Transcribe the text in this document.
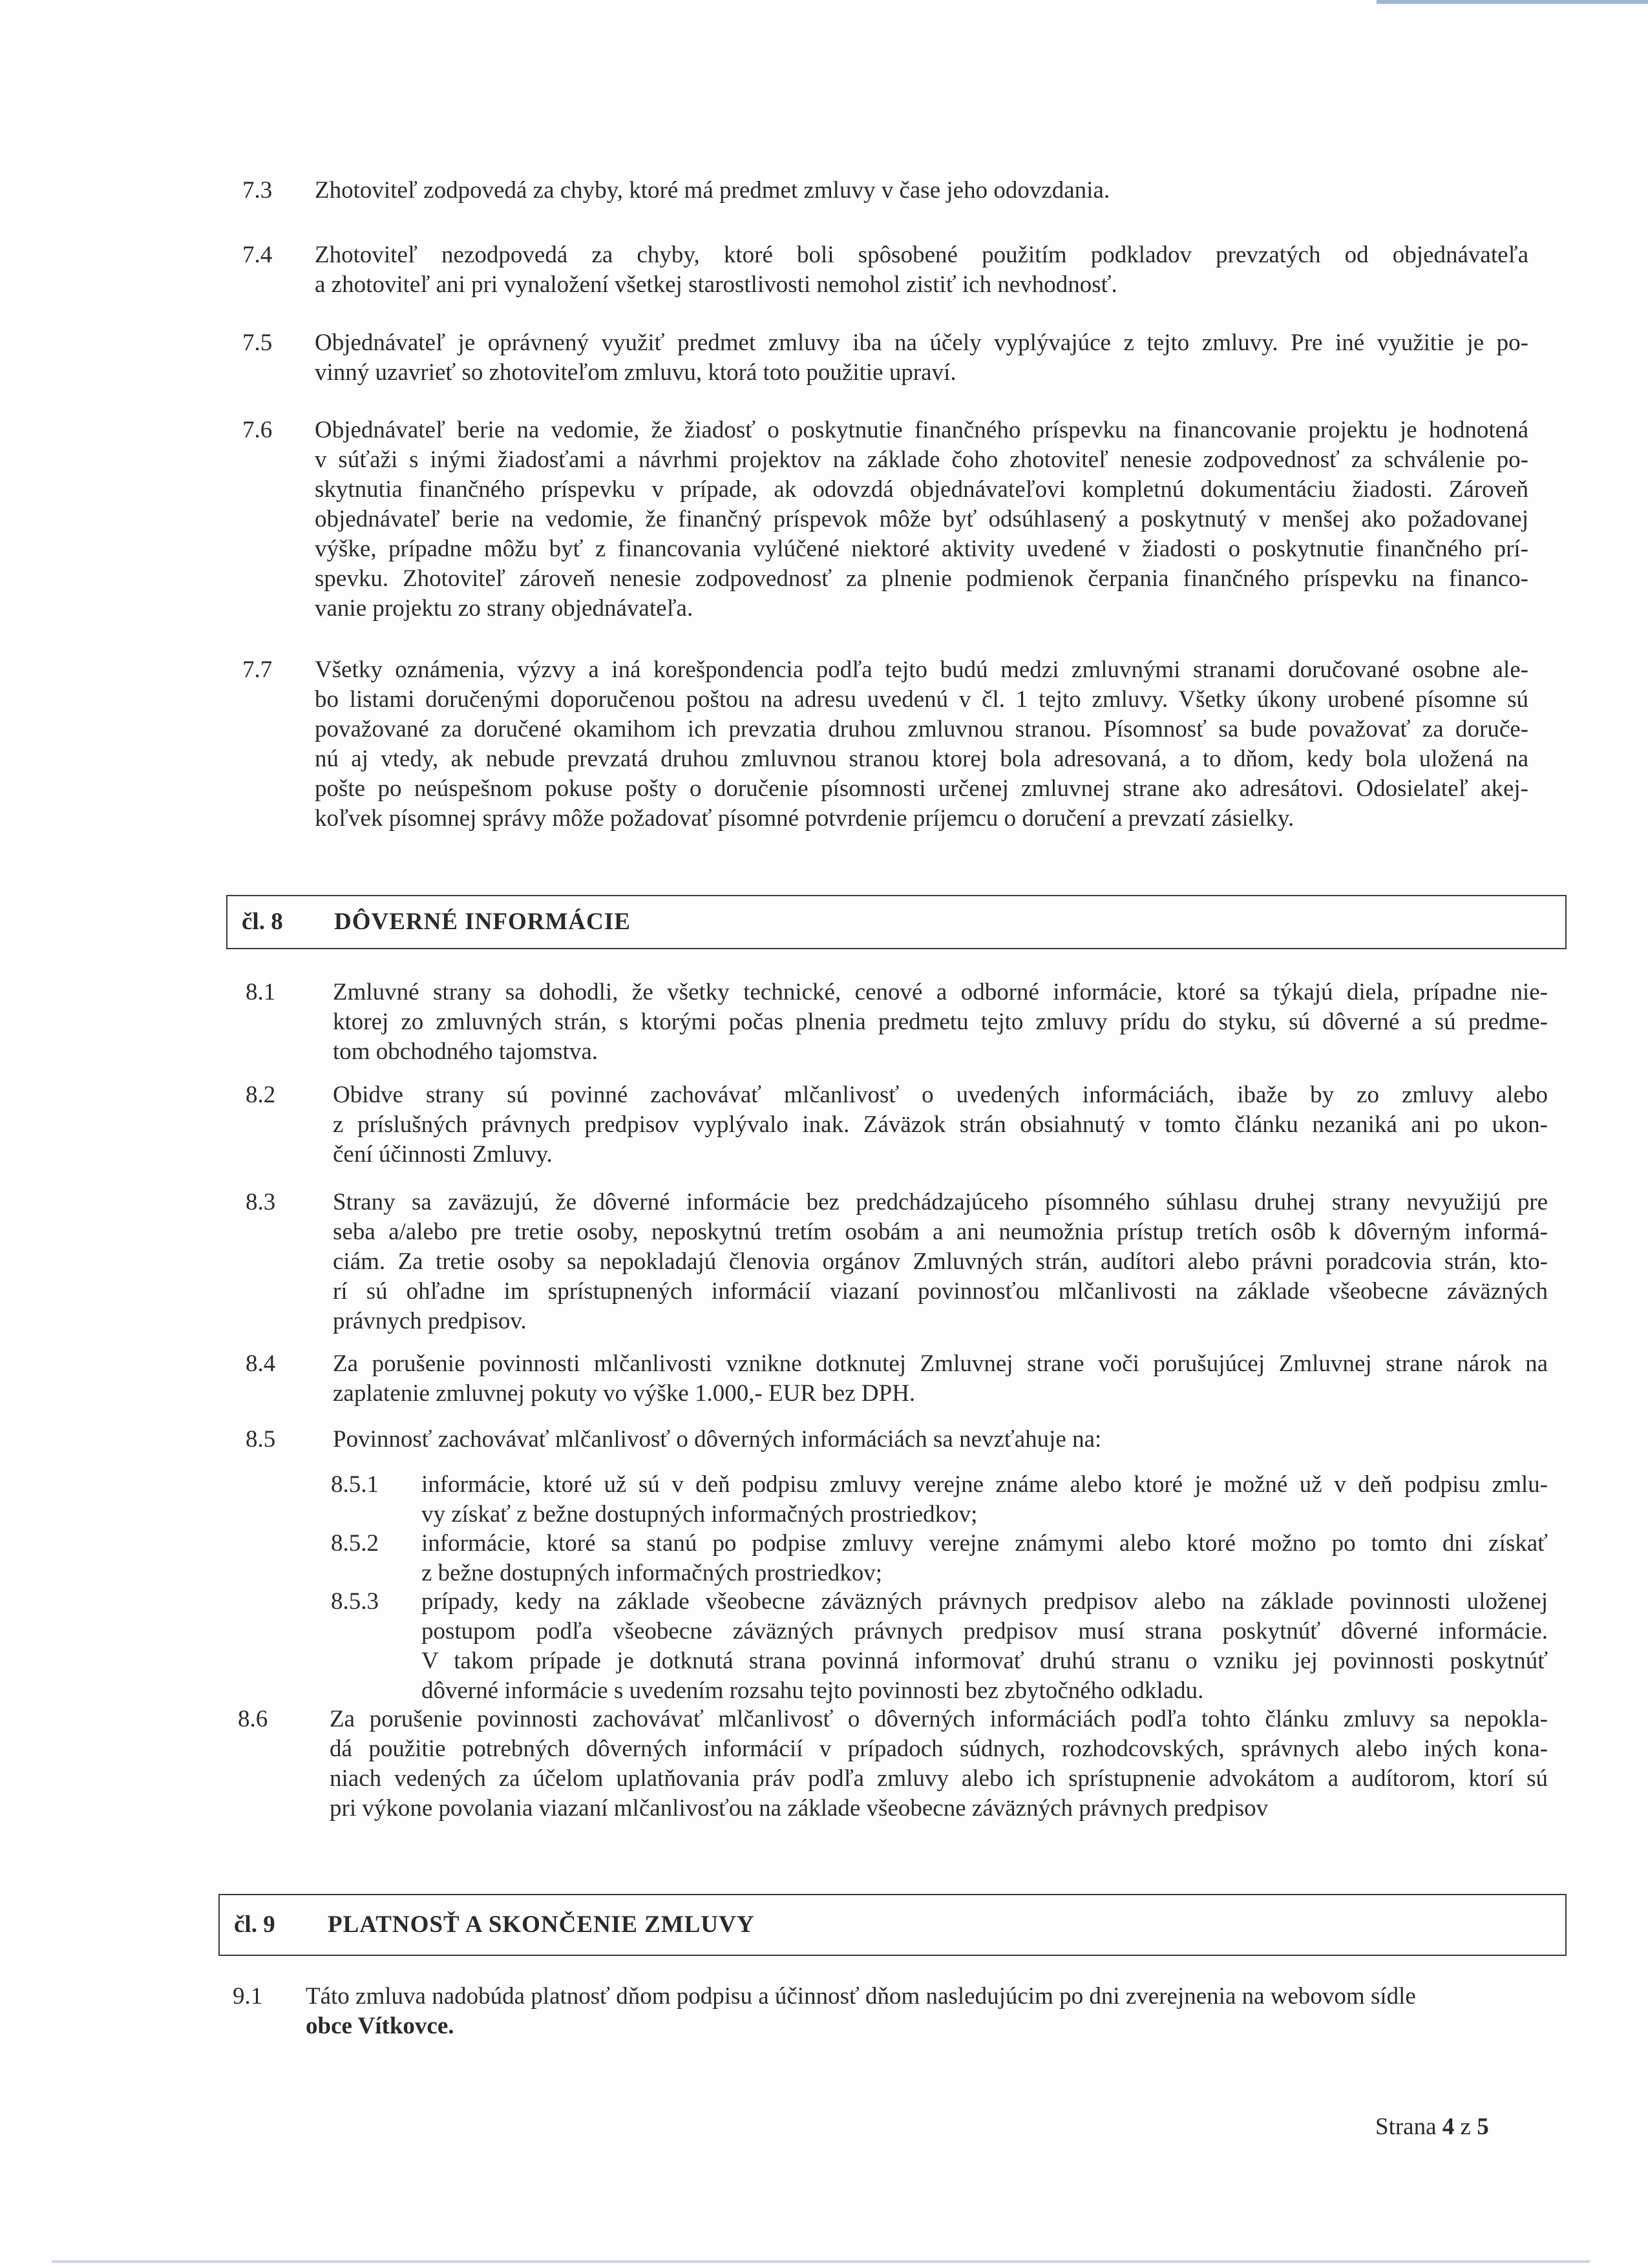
7.3 Zhotoviteľ zodpovedá za chyby, ktoré má predmet zmluvy v čase jeho odovzdania.
7.4 Zhotoviteľ nezodpovedá za chyby, ktoré boli spôsobené použitím podkladov prevzatých od objednávateľa
a zhotoviteľ ani pri vynaložení všetkej starostlivosti nemohol zistiť ich nevhodnosť.
7.5 Objednávateľ je oprávnený využiť predmet zmluvy iba na účely vyplývajúce z tejto zmluvy. Pre iné využitie je po-
vinný uzavrieť so zhotoviteľom zmluvu, ktorá toto použitie upraví.
7.6 Objednávateľ berie na vedomie, že žiadosť o poskytnutie finančného príspevku na financovanie projektu je hodnotená
v súťaži s inými žiadosťami a návrhmi projektov na základe čoho zhotoviteľ nenesie zodpovednosť za schválenie po-
skytnutia finančného príspevku v prípade, ak odovzdá objednávateľovi kompletnú dokumentáciu žiadosti. Zároveň
objednávateľ berie na vedomie, že finančný príspevok môže byť odsúhlasený a poskytnutý v menšej ako požadovanej
výške, prípadne môžu byť z financovania vylúčené niektoré aktivity uvedené v žiadosti o poskytnutie finančného prí-
spevku. Zhotoviteľ zároveň nenesie zodpovednosť za plnenie podmienok čerpania finančného príspevku na financo-
vanie projektu zo strany objednávateľa.
7.7 Všetky oznámenia, výzvy a iná korešpondencia podľa tejto budú medzi zmluvnými stranami doručované osobne ale-
bo listami doručenými doporučenou poštou na adresu uvedenú v čl. 1 tejto zmluvy. Všetky úkony urobené písomne sú
považované za doručené okamihom ich prevzatia druhou zmluvnou stranou. Písomnosť sa bude považovať za doruče-
nú aj vtedy, ak nebude prevzatá druhou zmluvnou stranou ktorej bola adresovaná, a to dňom, kedy bola uložená na
pošte po neúspešnom pokuse pošty o doručenie písomnosti určenej zmluvnej strane ako adresátovi. Odosielateľ akej-
koľvek písomnej správy môže požadovať písomné potvrdenie príjemcu o doručení a prevzatí zásielky.
čl. 8 DÔVERNÉ INFORMÁCIE
8.1 Zmluvné strany sa dohodli, že všetky technické, cenové a odborné informácie, ktoré sa týkajú diela, prípadne nie-
ktorej zo zmluvných strán, s ktorými počas plnenia predmetu tejto zmluvy prídu do styku, sú dôverné a sú predme-
tom obchodného tajomstva.
8.2 Obidve strany sú povinné zachovávať mlčanlivosť o uvedených informáciách, ibaže by zo zmluvy alebo
z príslušných právnych predpisov vyplývalo inak. Záväzok strán obsiahnutý v tomto článku nezaniká ani po ukon-
čení účinnosti Zmluvy.
8.3 Strany sa zaväzujú, že dôverné informácie bez predchádzajúceho písomného súhlasu druhej strany nevyužijú pre
seba a/alebo pre tretie osoby, neposkytnú tretím osobám a ani neumožnia prístup tretích osôb k dôverným informá-
ciám. Za tretie osoby sa nepokladajú členovia orgánov Zmluvných strán, audítori alebo právni poradcovia strán, kto-
rí sú ohľadne im sprístupnených informácií viazaní povinnosťou mlčanlivosti na základe všeobecne záväzných
právnych predpisov.
8.4 Za porušenie povinnosti mlčanlivosti vznikne dotknutej Zmluvnej strane voči porušujúcej Zmluvnej strane nárok na
zaplatenie zmluvnej pokuty vo výške 1.000,- EUR bez DPH.
8.5 Povinnosť zachovávať mlčanlivosť o dôverných informáciách sa nevzťahuje na:
8.5.1 informácie, ktoré už sú v deň podpisu zmluvy verejne známe alebo ktoré je možné už v deň podpisu zmlu-
vy získať z bežne dostupných informačných prostriedkov;
8.5.2 informácie, ktoré sa stanú po podpise zmluvy verejne známymi alebo ktoré možno po tomto dni získať
z bežne dostupných informačných prostriedkov;
8.5.3 prípady, kedy na základe všeobecne záväzných právnych predpisov alebo na základe povinnosti uloženej
postupom podľa všeobecne záväzných právnych predpisov musí strana poskytnúť dôverné informácie.
V takom prípade je dotknutá strana povinná informovať druhú stranu o vzniku jej povinnosti poskytnúť
dôverné informácie s uvedením rozsahu tejto povinnosti bez zbytočného odkladu.
8.6	Za porušenie povinnosti zachovávať mlčanlivosť o dôverných informáciách podľa tohto článku zmluvy sa nepokla-
dá použitie potrebných dôverných informácií v prípadoch súdnych, rozhodcovských, správnych alebo iných kona-
niach vedených za účelom uplatňovania práv podľa zmluvy alebo ich sprístupnenie advokátom a audítorom, ktorí sú
pri výkone povolania viazaní mlčanlivosťou na základe všeobecne záväzných právnych predpisov
čl. 9 PLATNOSŤ A SKONČENIE ZMLUVY
9.1 Táto zmluva nadobúda platnosť dňom podpisu a účinnosť dňom nasledujúcim po dni zverejnenia na webovom sídle
obce Vítkovce.
Strana 4 z 5
